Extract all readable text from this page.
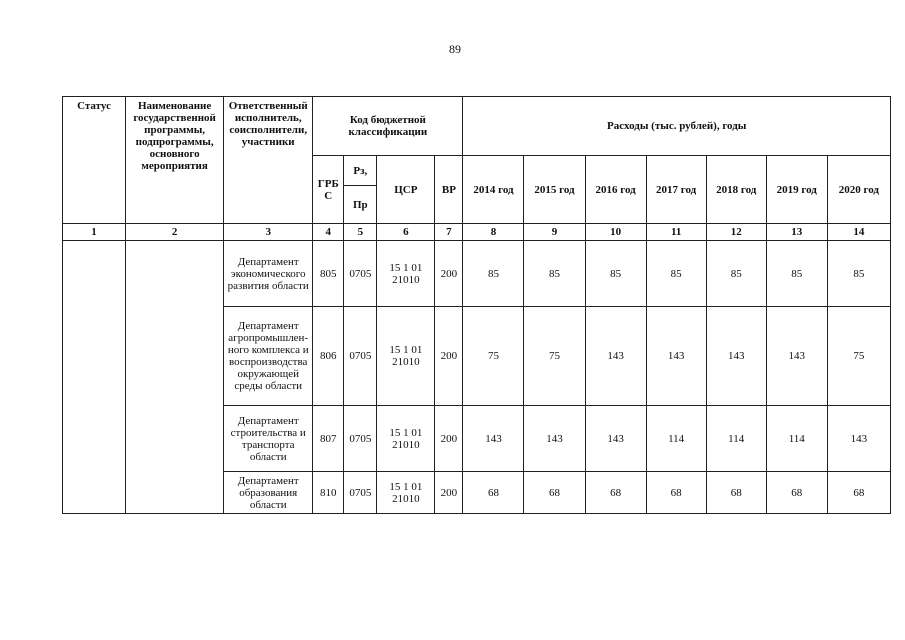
89
Статус	Наименование государственной программы, подпрограммы, основного мероприятия	Ответственный исполнитель, соисполнители, участники	Код бюджетной классификации				Расходы (тыс. рублей), годы						
			ГРБ С	Рз,	ЦСР	ВР	2014 год	2015 год	2016 год	2017 год	2018 год	2019 год	2020 год
				Пр									
1	2	3	4	5	6	7	8	9	10	11	12	13	14
		Департамент экономического развития области	805	0705	15 1 01 21010	200	85	85	85	85	85	85	85
		Департамент агропромышлен-ного комплекса и воспроизводства окружающей среды области	806	0705	15 1 01 21010	200	75	75	143	143	143	143	75
		Департамент строительства и транспорта области	807	0705	15 1 01 21010	200	143	143	143	114	114	114	143
		Департамент образования области	810	0705	15 1 01 21010	200	68	68	68	68	68	68	68
